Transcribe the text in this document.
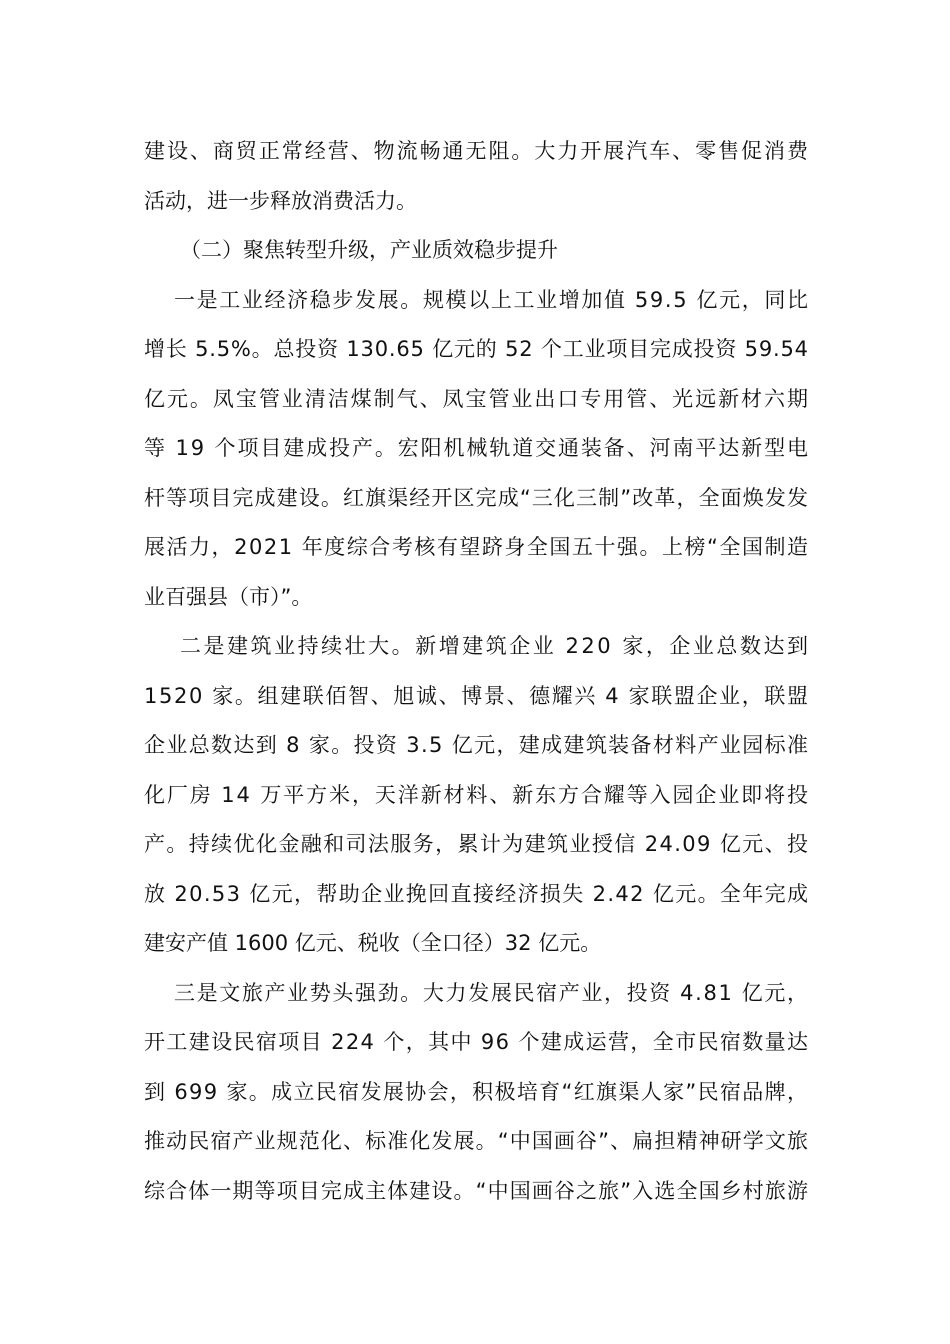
建设、商贸正常经营、物流畅通无阻。大力开展汽车、零售促消费
活动，进一步释放消费活力。
（二）聚焦转型升级，产业质效稳步提升
一是工业经济稳步发展。规模以上工业增加值 59.5 亿元，同比
增长 5.5%。总投资 130.65 亿元的 52 个工业项目完成投资 59.54
亿元。凤宝管业清洁煤制气、凤宝管业出口专用管、光远新材六期
等 19 个项目建成投产。宏阳机械轨道交通装备、河南平达新型电
杆等项目完成建设。红旗渠经开区完成“三化三制”改革，全面焕发发
展活力，2021 年度综合考核有望跻身全国五十强。上榜“全国制造
业百强县（市）”。
二是建筑业持续壮大。新增建筑企业 220 家，企业总数达到
1520 家。组建联佰智、旭诚、博景、德耀兴 4 家联盟企业，联盟
企业总数达到 8 家。投资 3.5 亿元，建成建筑装备材料产业园标准
化厂房 14 万平方米，天洋新材料、新东方合耀等入园企业即将投
产。持续优化金融和司法服务，累计为建筑业授信 24.09 亿元、投
放 20.53 亿元，帮助企业挽回直接经济损失 2.42 亿元。全年完成
建安产值 1600 亿元、税收（全口径）32 亿元。
三是文旅产业势头强劲。大力发展民宿产业，投资 4.81 亿元，
开工建设民宿项目 224 个，其中 96 个建成运营，全市民宿数量达
到 699 家。成立民宿发展协会，积极培育“红旗渠人家”民宿品牌，
推动民宿产业规范化、标准化发展。“中国画谷”、扁担精神研学文旅
综合体一期等项目完成主体建设。“中国画谷之旅”入选全国乡村旅游
